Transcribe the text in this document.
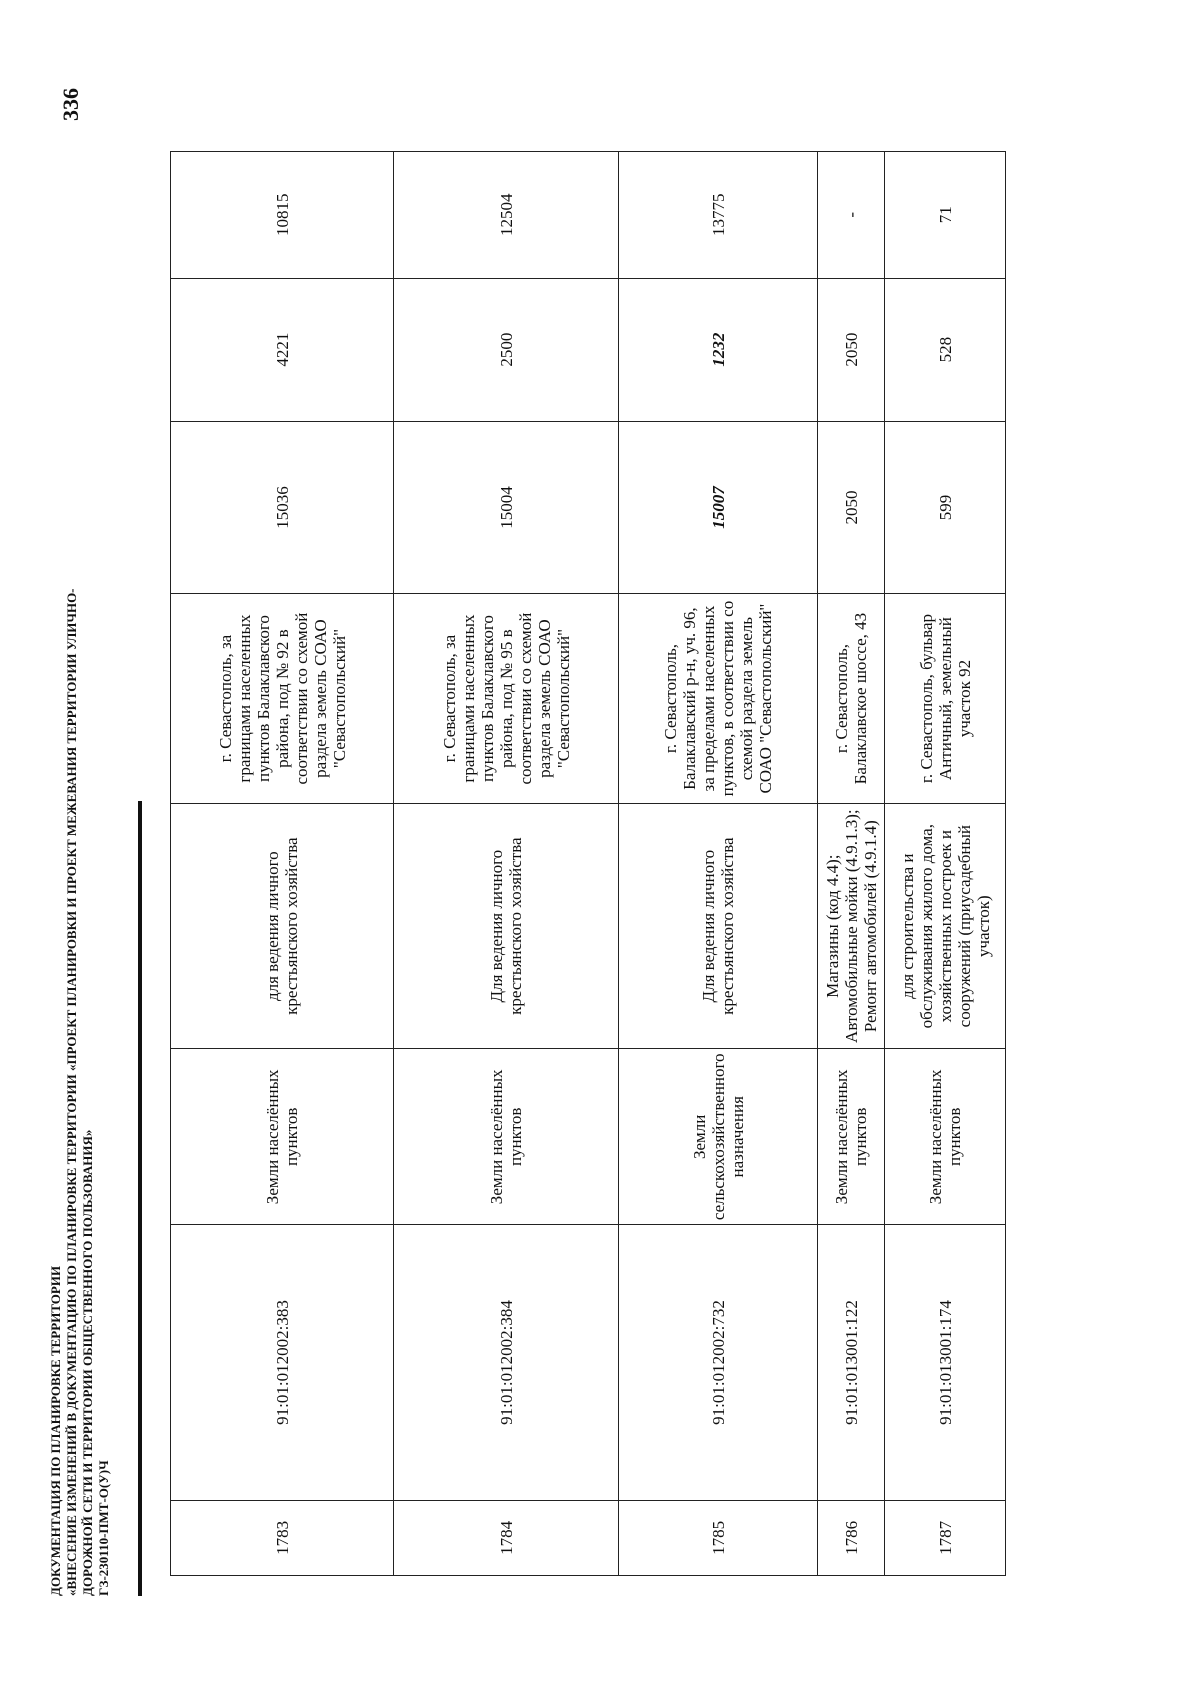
336
ДОКУМЕНТАЦИЯ ПО ПЛАНИРОВКЕ ТЕРРИТОРИИ «ВНЕСЕНИЕ ИЗМЕНЕНИЙ В ДОКУМЕНТАЦИЮ ПО ПЛАНИРОВКЕ ТЕРРИТОРИИ «ПРОЕКТ ПЛАНИРОВКИ И ПРОЕКТ МЕЖЕВАНИЯ ТЕРРИТОРИИ УЛИЧНО- ДОРОЖНОЙ СЕТИ И ТЕРРИТОРИИ ОБЩЕСТВЕННОГО ПОЛЬЗОВАНИЯ» ГЗ-230110-ПМТ-О(У)Ч	1783	91:01:012002:383	Земли населённых пунктов	для ведения личного крестьянского хозяйства	г. Севастополь, за границами населенных пунктов Балаклавского района, под № 92 в соответствии со схемой раздела земель СОАО "Севастопольский"	15036	4221	10815
1784	91:01:012002:384	Земли населённых пунктов	Для ведения личного крестьянского хозяйства	г. Севастополь, за границами населенных пунктов Балаклавского района, под № 95 в соответствии со схемой раздела земель СОАО "Севастопольский"	15004	2500	12504
1785	91:01:012002:732	Земли сельскохозяйственного назначения	Для ведения личного крестьянского хозяйства	г. Севастополь, Балаклавский р-н, уч. 96, за пределами населенных пунктов, в соответствии со схемой раздела земель СОАО "Севастопольский"	15007	1232	13775
1786	91:01:013001:122	Земли населённых пунктов	Магазины (код 4.4); Автомобильные мойки (4.9.1.3); Ремонт автомобилей (4.9.1.4)	г. Севастополь, Балаклавское шоссе, 43	2050	2050	-
1787	91:01:013001:174	Земли населённых пунктов	для строительства и обслуживания жилого дома, хозяйственных построек и сооружений (приусадебный участок)	г. Севастополь, бульвар Античный, земельный участок 92	599	528	71
